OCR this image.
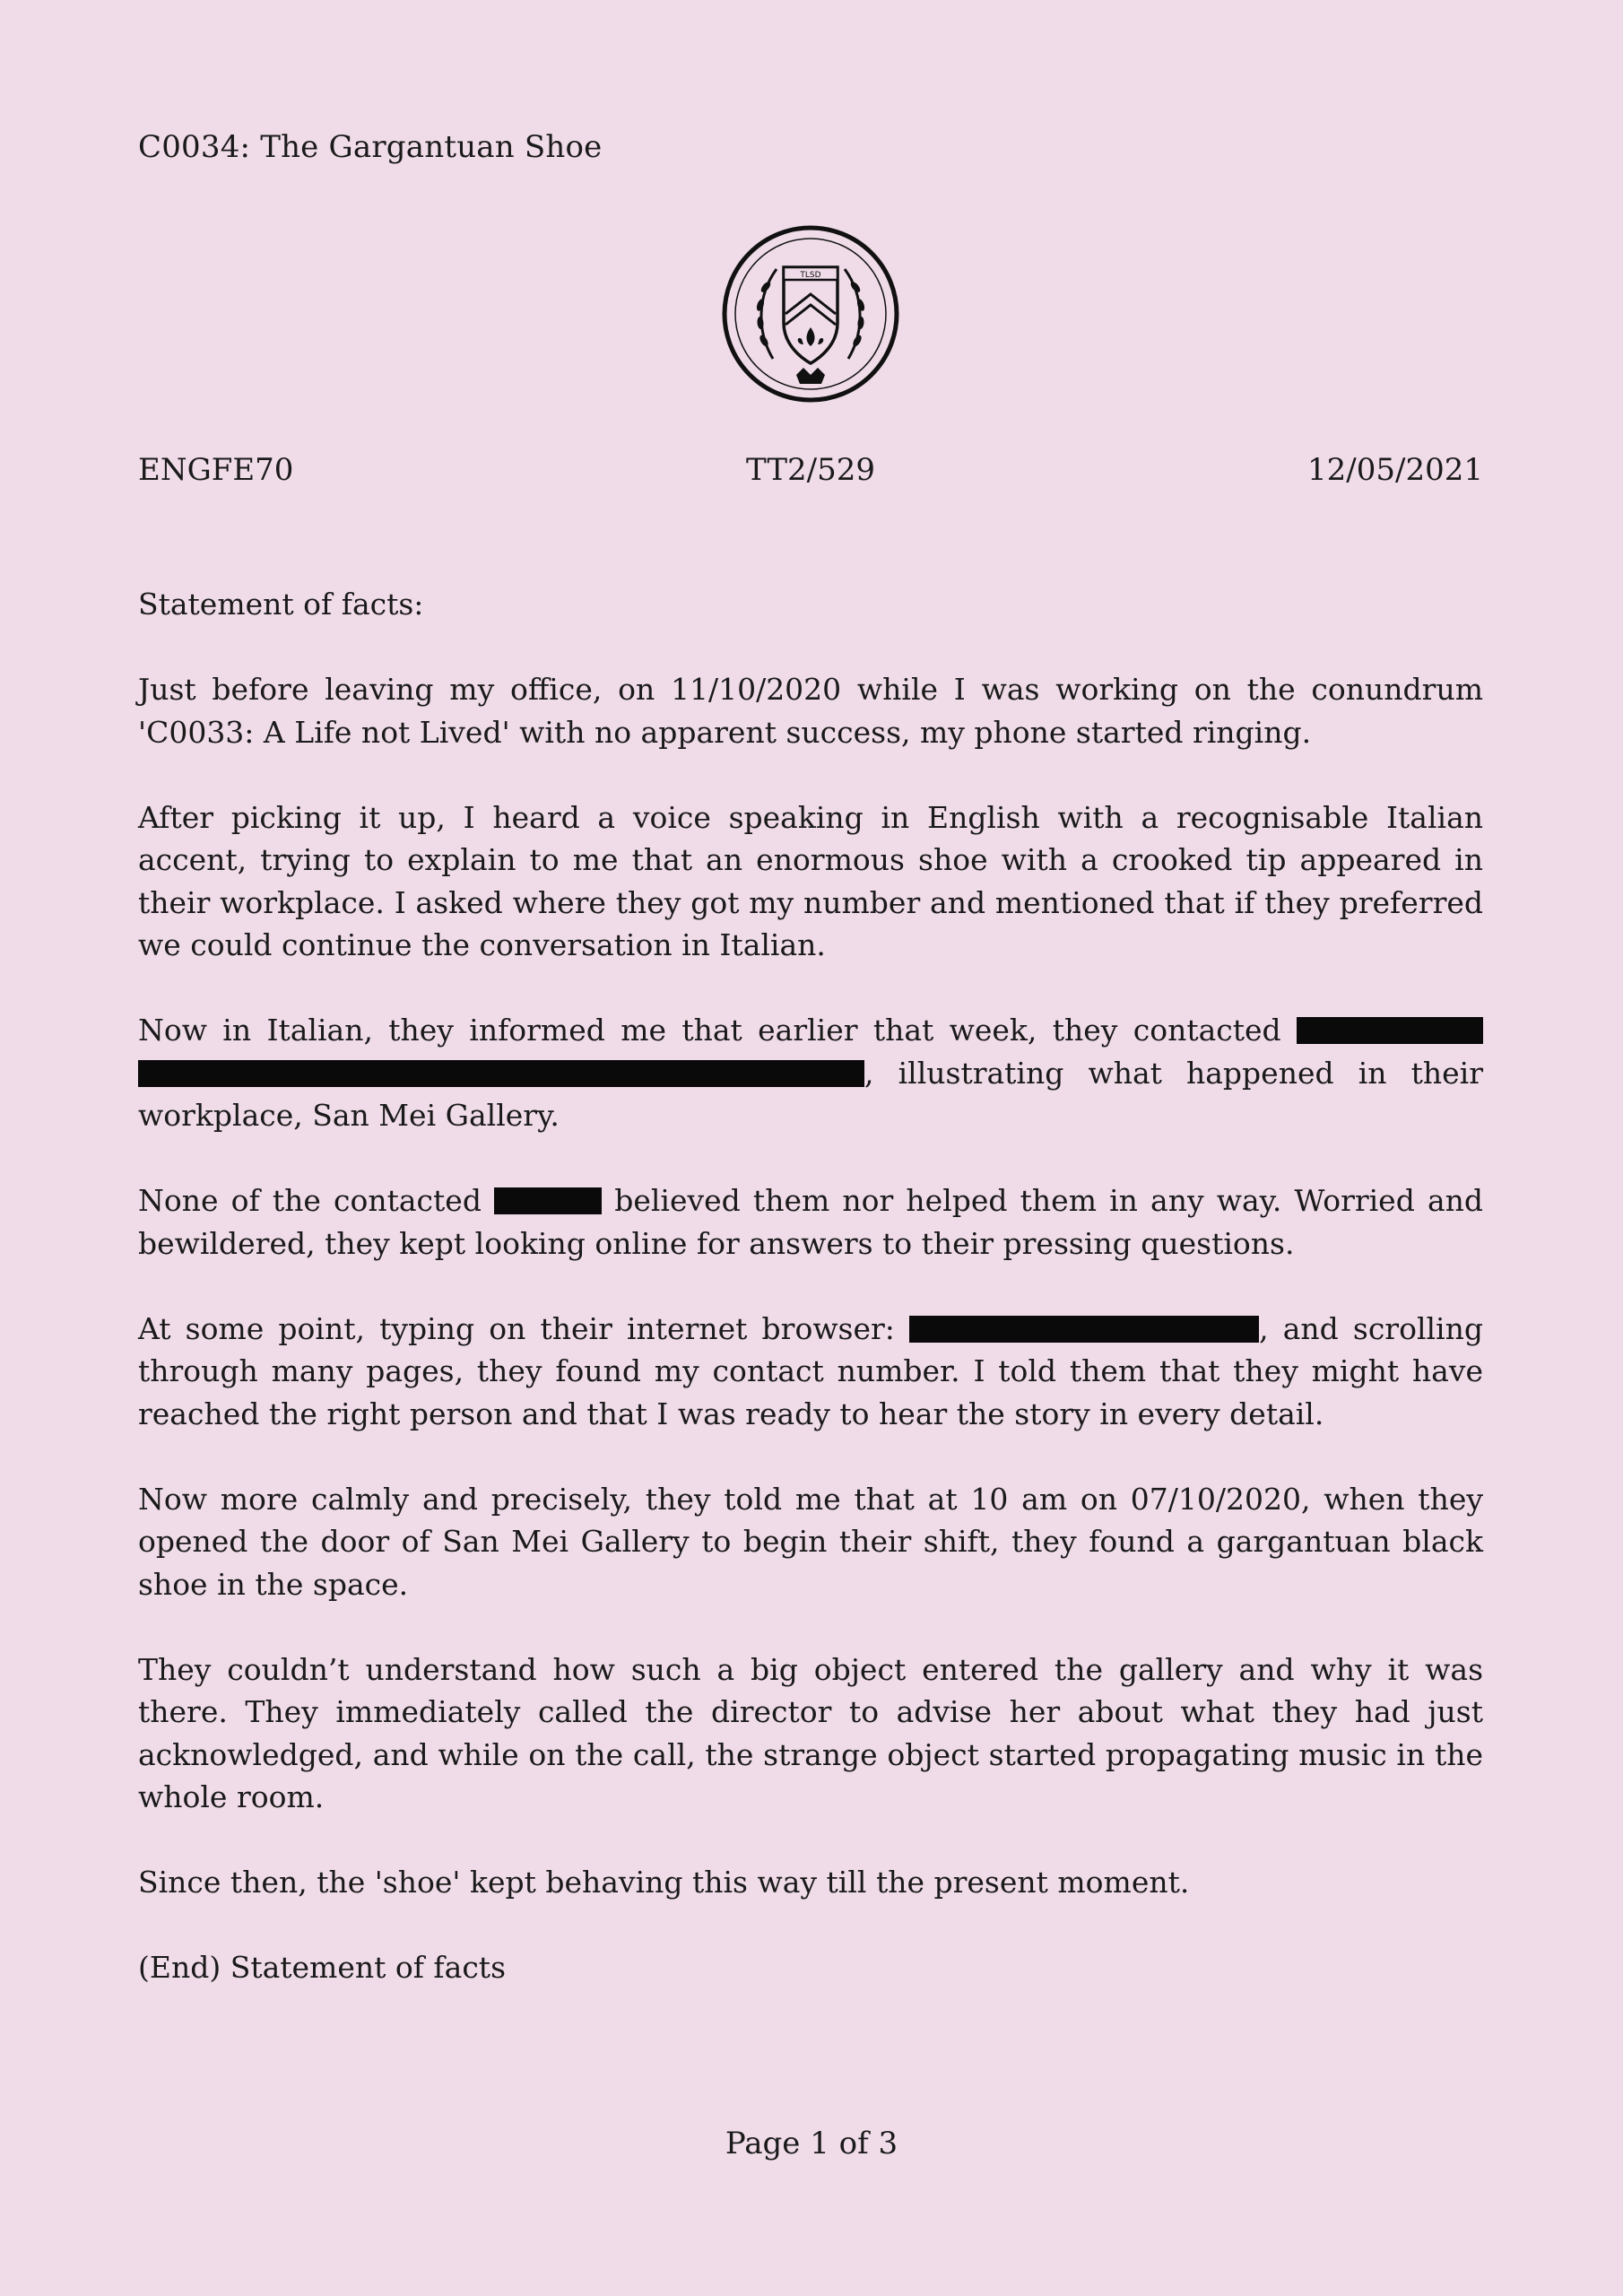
C0034: The Gargantuan Shoe
TLSD
ENGFE70	TT2/529	12/05/2021

Statement of facts:

Just before leaving my office, on 11/10/2020 while I was working on the conundrum 'C0033: A Life not Lived' with no apparent success, my phone started ringing.

After picking it up, I heard a voice speaking in English with a recognisable Italian accent, trying to explain to me that an enormous shoe with a crooked tip appeared in their workplace. I asked where they got my number and mentioned that if they preferred we could continue the conversation in Italian.

Now in Italian, they informed me that earlier that week, they contacted  , illustrating what happened in their workplace, San Mei Gallery.

None of the contacted	believed them nor helped them in any way. Worried and bewildered, they kept looking online for answers to their pressing questions.

At some point, typing on their internet browser:	, and scrolling through many pages, they found my contact number. I told them that they might have reached the right person and that I was ready to hear the story in every detail.

Now more calmly and precisely, they told me that at 10 am on 07/10/2020, when they opened the door of San Mei Gallery to begin their shift, they found a gargantuan black shoe in the space.

They couldn’t understand how such a big object entered the gallery and why it was there. They immediately called the director to advise her about what they had just acknowledged, and while on the call, the strange object started propagating music in the whole room.

Since then, the 'shoe' kept behaving this way till the present moment.

(End) Statement of facts

Page 1 of 3
